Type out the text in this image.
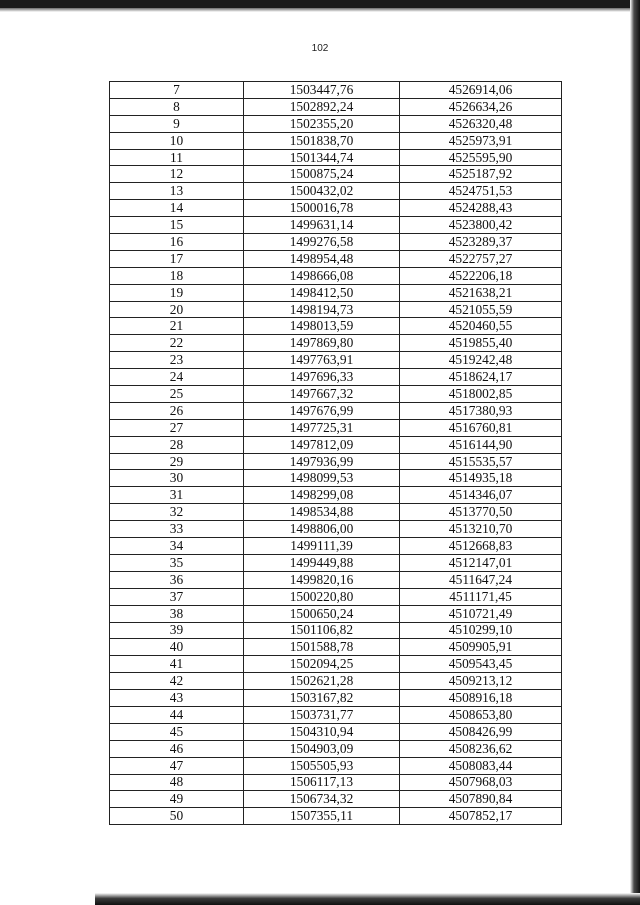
102
7	1503447,76	4526914,06
8	1502892,24	4526634,26
9	1502355,20	4526320,48
10	1501838,70	4525973,91
11	1501344,74	4525595,90
12	1500875,24	4525187,92
13	1500432,02	4524751,53
14	1500016,78	4524288,43
15	1499631,14	4523800,42
16	1499276,58	4523289,37
17	1498954,48	4522757,27
18	1498666,08	4522206,18
19	1498412,50	4521638,21
20	1498194,73	4521055,59
21	1498013,59	4520460,55
22	1497869,80	4519855,40
23	1497763,91	4519242,48
24	1497696,33	4518624,17
25	1497667,32	4518002,85
26	1497676,99	4517380,93
27	1497725,31	4516760,81
28	1497812,09	4516144,90
29	1497936,99	4515535,57
30	1498099,53	4514935,18
31	1498299,08	4514346,07
32	1498534,88	4513770,50
33	1498806,00	4513210,70
34	1499111,39	4512668,83
35	1499449,88	4512147,01
36	1499820,16	4511647,24
37	1500220,80	4511171,45
38	1500650,24	4510721,49
39	1501106,82	4510299,10
40	1501588,78	4509905,91
41	1502094,25	4509543,45
42	1502621,28	4509213,12
43	1503167,82	4508916,18
44	1503731,77	4508653,80
45	1504310,94	4508426,99
46	1504903,09	4508236,62
47	1505505,93	4508083,44
48	1506117,13	4507968,03
49	1506734,32	4507890,84
50	1507355,11	4507852,17
